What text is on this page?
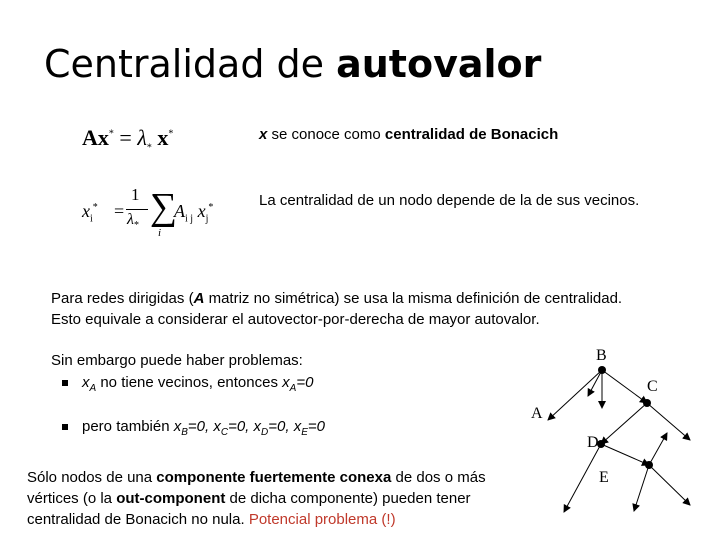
Centralidad de autovalor
$Ax^* = \lambda_*$ x*
$x_i^*$ =
1
$\lambda_*$ ∑
i
$A_{i j}$ $x_j^*$
x se conoce como centralidad de Bonacich
La centralidad de un nodo depende de la de sus vecinos.
Para redes dirigidas (A matriz no simétrica) se usa la misma definición de centralidad.
Esto equivale a considerar el autovector-por-derecha de mayor autovalor.
Sin embargo puede haber problemas:
$x_A$ no tiene vecinos, entonces $x_A=0$
pero también $x_B=0$, $x_C=0$, $x_D=0$, $x_E=0$
Sólo nodos de una componente fuertemente conexa de dos o más
vértices (o la out-component de dicha componente) pueden tener
centralidad de Bonacich no nula. Potencial problema (!)
B
C
A
D
E
